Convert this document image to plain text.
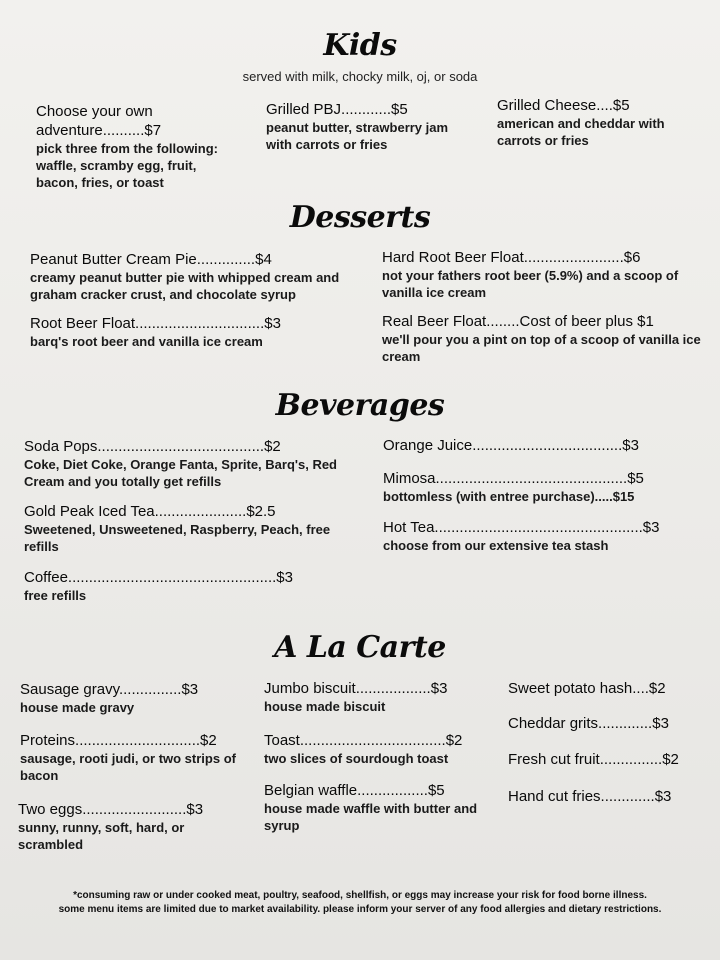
Kids
served with milk, chocky milk, oj, or soda
Choose your own adventure..........$7
pick three from the following: waffle, scramby egg, fruit, bacon, fries, or toast
Grilled PBJ............$5
peanut butter, strawberry jam with carrots or fries
Grilled Cheese....$5
american and cheddar with carrots or fries
Desserts
Peanut Butter Cream Pie..............$4
creamy peanut butter pie with whipped cream and graham cracker crust, and chocolate syrup
Hard Root Beer Float........................$6
not your fathers root beer (5.9%) and a scoop of vanilla ice cream
Root Beer Float...............................$3
barq's root beer and vanilla ice cream
Real Beer Float........Cost of beer plus $1
we'll pour you a pint on top of a scoop of vanilla ice cream
Beverages
Soda Pops........................................$2
Coke, Diet Coke, Orange Fanta, Sprite, Barq's, Red Cream and you totally get refills
Orange Juice....................................$3
Mimosa..............................................$5
bottomless (with entree purchase).....$15
Gold Peak Iced Tea......................$2.5
Sweetened, Unsweetened, Raspberry, Peach, free refills
Hot Tea..................................................$3
choose from our extensive tea stash
Coffee..................................................$3
free refills
A La Carte
Sausage gravy...............$3
house made gravy
Jumbo biscuit..................$3
house made biscuit
Sweet potato hash....$2
Cheddar grits.............$3
Proteins..............................$2
sausage, rooti judi, or two strips of bacon
Toast...................................$2
two slices of sourdough toast	Fresh cut fruit...............$2
Belgian waffle.................$5
house made waffle with butter and syrup
Hand cut fries.............$3
Two eggs.........................$3
sunny, runny, soft, hard, or scrambled
*consuming raw or under cooked meat, poultry, seafood, shellfish, or eggs may increase your risk for food borne illness.
some menu items are limited due to market availability. please inform your server of any food allergies and dietary restrictions.
